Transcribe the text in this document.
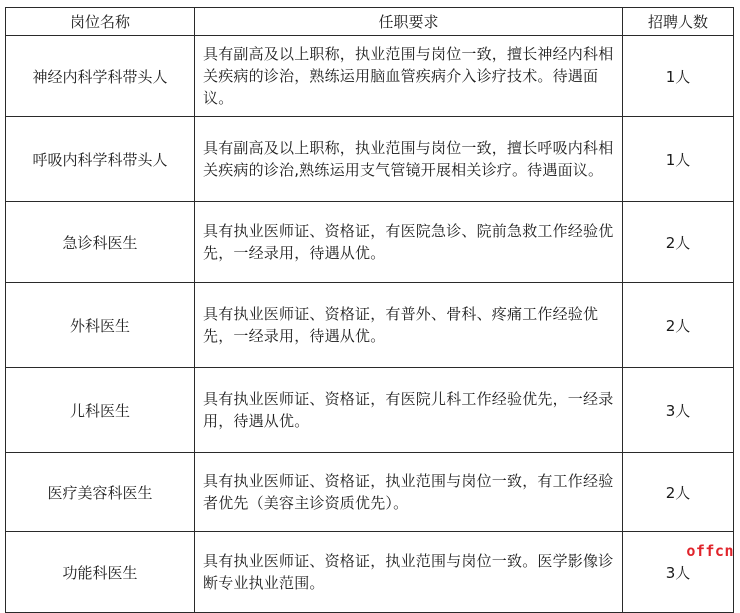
岗位名称	任职要求	招聘人数
神经内科学科带头人	具有副高及以上职称，执业范围与岗位一致，擅长神经内科相关疾病的诊治，熟练运用脑血管疾病介入诊疗技术。待遇面议。	1人
呼吸内科学科带头人	具有副高及以上职称，执业范围与岗位一致，擅长呼吸内科相关疾病的诊治,熟练运用支气管镜开展相关诊疗。待遇面议。	1人
急诊科医生	具有执业医师证、资格证，有医院急诊、院前急救工作经验优先，一经录用，待遇从优。	2人
外科医生	具有执业医师证、资格证，有普外、骨科、疼痛工作经验优先，一经录用，待遇从优。	2人
儿科医生	具有执业医师证、资格证，有医院儿科工作经验优先，一经录用，待遇从优。	3人
医疗美容科医生	具有执业医师证、资格证，执业范围与岗位一致，有工作经验者优先（美容主诊资质优先）。	2人
功能科医生	具有执业医师证、资格证，执业范围与岗位一致。医学影像诊断专业执业范围。	3人
offcn
